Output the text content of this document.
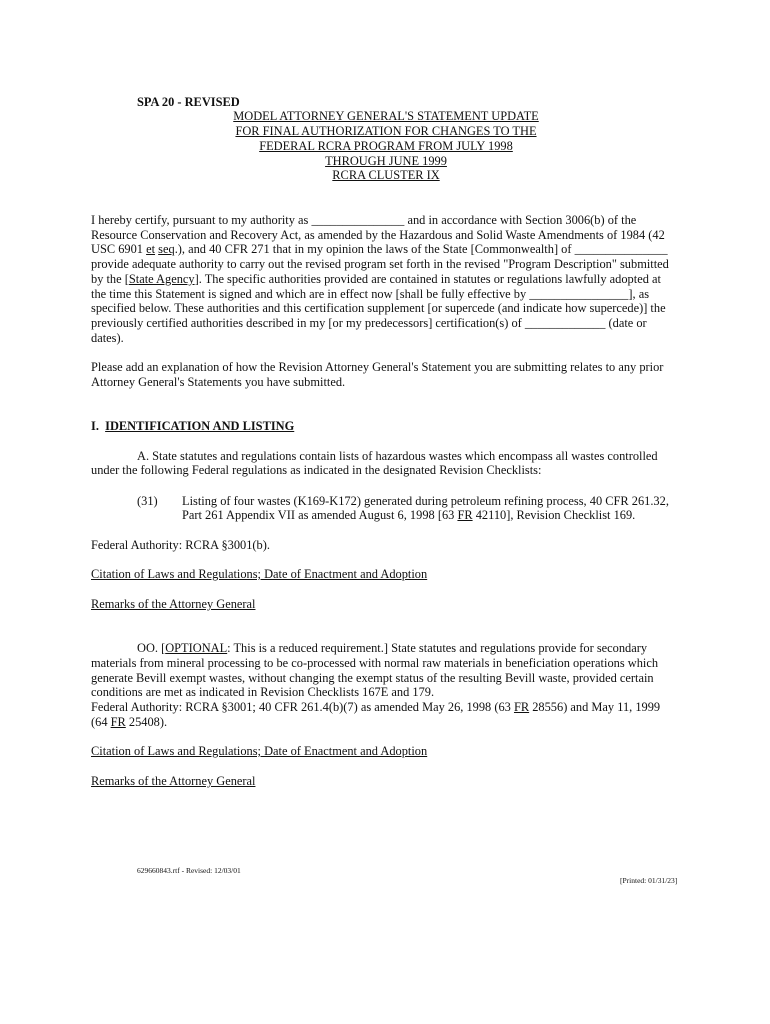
SPA 20 - REVISED
MODEL ATTORNEY GENERAL'S STATEMENT UPDATE
FOR FINAL AUTHORIZATION FOR CHANGES TO THE
FEDERAL RCRA PROGRAM FROM JULY 1998
THROUGH JUNE 1999
RCRA CLUSTER IX
I hereby certify, pursuant to my authority as _______________ and in accordance with Section 3006(b) of the
Resource Conservation and Recovery Act, as amended by the Hazardous and Solid Waste Amendments of 1984 (42
USC 6901 et seq.), and 40 CFR 271 that in my opinion the laws of the State [Commonwealth] of _______________
provide adequate authority to carry out the revised program set forth in the revised "Program Description" submitted
by the [State Agency]. The specific authorities provided are contained in statutes or regulations lawfully adopted at
the time this Statement is signed and which are in effect now [shall be fully effective by ________________], as
specified below. These authorities and this certification supplement [or supercede (and indicate how supercede)] the
previously certified authorities described in my [or my predecessors] certification(s) of _____________ (date or
dates).
Please add an explanation of how the Revision Attorney General's Statement you are submitting relates to any prior
Attorney General's Statements you have submitted.
I. IDENTIFICATION AND LISTING
A. State statutes and regulations contain lists of hazardous wastes which encompass all wastes controlled
under the following Federal regulations as indicated in the designated Revision Checklists:
(31) Listing of four wastes (K169-K172) generated during petroleum refining process, 40 CFR 261.32,
Part 261 Appendix VII as amended August 6, 1998 [63 FR 42110], Revision Checklist 169.
Federal Authority: RCRA §3001(b).
Citation of Laws and Regulations; Date of Enactment and Adoption
Remarks of the Attorney General
OO. [OPTIONAL: This is a reduced requirement.] State statutes and regulations provide for secondary
materials from mineral processing to be co-processed with normal raw materials in beneficiation operations which
generate Bevill exempt wastes, without changing the exempt status of the resulting Bevill waste, provided certain
conditions are met as indicated in Revision Checklists 167E and 179.
Federal Authority: RCRA §3001; 40 CFR 261.4(b)(7) as amended May 26, 1998 (63 FR 28556) and May 11, 1999
(64 FR 25408).
Citation of Laws and Regulations; Date of Enactment and Adoption
Remarks of the Attorney General
629660843.rtf - Revised: 12/03/01
[Printed: 01/31/23]
